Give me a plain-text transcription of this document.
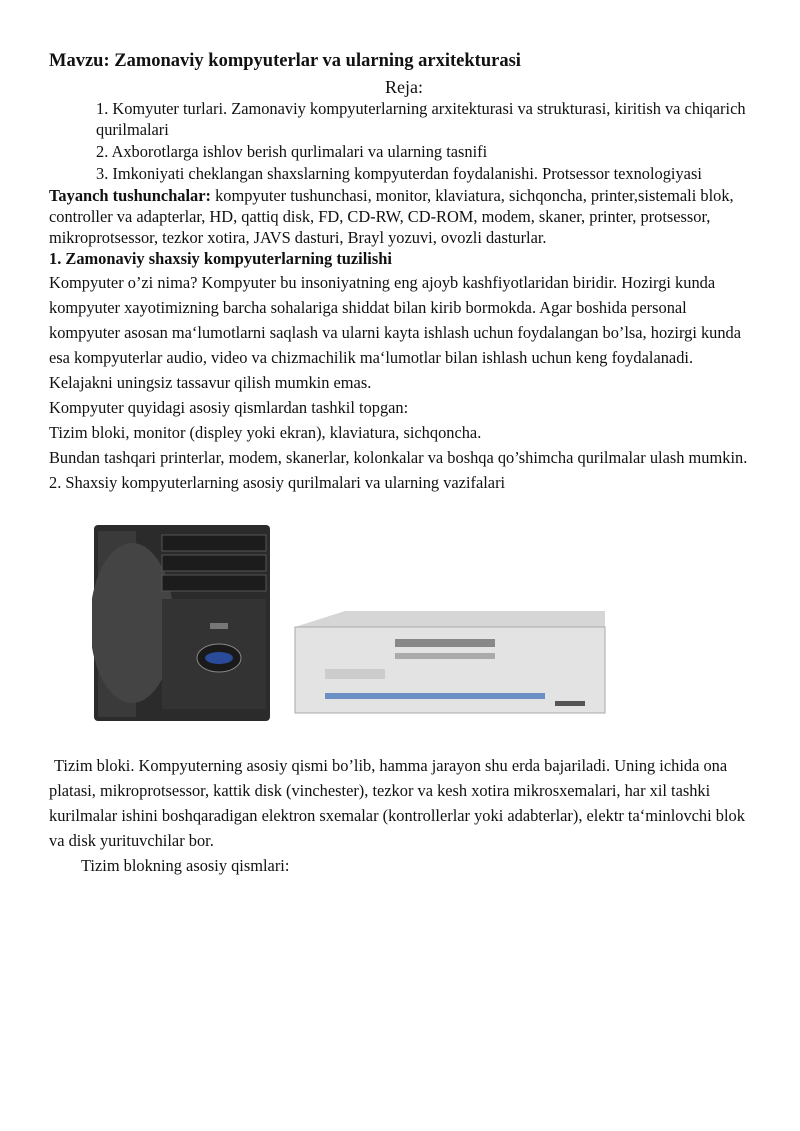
Mavzu: Zamonaviy kompyuterlar va ularning arxitekturasi

Reja:

1. Komyuter turlari. Zamonaviy kompyuterlarning arxitekturasi va strukturasi, kiritish va chiqarich qurilmalari
2. Axborotlarga ishlov berish qurlimalari va ularning tasnifi
3. Imkoniyati cheklangan shaxslarning kompyuterdan foydalanishi. Protsessor texnologiyasi

Tayanch tushunchalar: kompyuter tushunchasi, monitor, klaviatura, sichqoncha, printer,sistemali blok, controller va adapterlar, HD, qattiq disk, FD, CD-RW, CD-ROM, modem, skaner, printer, protsessor, mikroprotsessor, tezkor xotira, JAVS dasturi, Brayl yozuvi, ovozli dasturlar.

1. Zamonaviy shaxsiy kompyuterlarning tuzilishi

Kompyuter o’zi nima? Kompyuter bu insoniyatning eng ajoyb kashfiyotlaridan biridir. Hozirgi kunda kompyuter xayotimizning barcha sohalariga shiddat bilan kirib bormokda. Agar boshida personal kompyuter asosan ma‘lumotlarni saqlash va ularni kayta ishlash uchun foydalangan bo’lsa, hozirgi kunda esa kompyuterlar audio, video va chizmachilik ma‘lumotlar bilan ishlash uchun keng foydalanadi. Kelajakni uningsiz tassavur qilish mumkin emas.

Kompyuter quyidagi asosiy qismlardan tashkil topgan:

Tizim bloki, monitor (displey yoki ekran), klaviatura, sichqoncha.

Bundan tashqari printerlar, modem, skanerlar, kolonkalar va boshqa qo’shimcha qurilmalar ulash mumkin.

2. Shaxsiy kompyuterlarning asosiy qurilmalari va ularning vazifalari

Tizim bloki. Kompyuterning asosiy qismi bo’lib, hamma jarayon shu erda bajariladi. Uning ichida ona platasi, mikroprotsessor, kattik disk (vinchester), tezkor va kesh xotira mikrosxemalari, har xil tashki kurilmalar ishini boshqaradigan elektron sxemalar (kontrollerlar yoki adabterlar), elektr ta‘minlovchi blok va disk yurituvchilar bor.

Tizim blokning asosiy qismlari:
